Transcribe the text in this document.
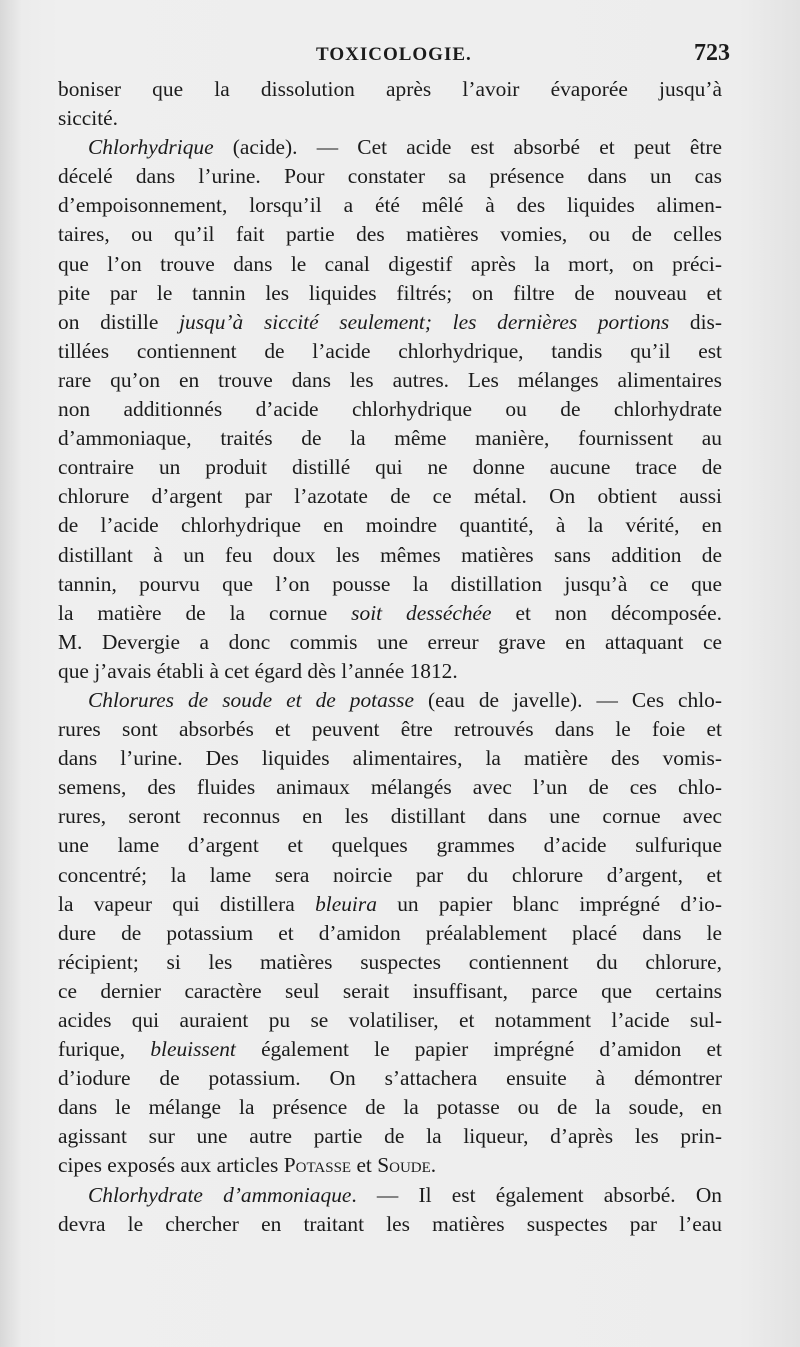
TOXICOLOGIE.	723
boniser que la dissolution après l’avoir évaporée jusqu’à
siccité.
Chlorhydrique (acide). — Cet acide est absorbé et peut être
décelé dans l’urine. Pour constater sa présence dans un cas
d’empoisonnement, lorsqu’il a été mêlé à des liquides alimen-
taires, ou qu’il fait partie des matières vomies, ou de celles
que l’on trouve dans le canal digestif après la mort, on préci-
pite par le tannin les liquides filtrés; on filtre de nouveau et
on distille jusqu’à siccité seulement; les dernières portions dis-
tillées contiennent de l’acide chlorhydrique, tandis qu’il est
rare qu’on en trouve dans les autres. Les mélanges alimentaires
non additionnés d’acide chlorhydrique ou de chlorhydrate
d’ammoniaque, traités de la même manière, fournissent au
contraire un produit distillé qui ne donne aucune trace de
chlorure d’argent par l’azotate de ce métal. On obtient aussi
de l’acide chlorhydrique en moindre quantité, à la vérité, en
distillant à un feu doux les mêmes matières sans addition de
tannin, pourvu que l’on pousse la distillation jusqu’à ce que
la matière de la cornue soit desséchée et non décomposée.
M. Devergie a donc commis une erreur grave en attaquant ce
que j’avais établi à cet égard dès l’année 1812.
Chlorures de soude et de potasse (eau de javelle). — Ces chlo-
rures sont absorbés et peuvent être retrouvés dans le foie et
dans l’urine. Des liquides alimentaires, la matière des vomis-
semens, des fluides animaux mélangés avec l’un de ces chlo-
rures, seront reconnus en les distillant dans une cornue avec
une lame d’argent et quelques grammes d’acide sulfurique
concentré; la lame sera noircie par du chlorure d’argent, et
la vapeur qui distillera bleuira un papier blanc imprégné d’io-
dure de potassium et d’amidon préalablement placé dans le
récipient; si les matières suspectes contiennent du chlorure,
ce dernier caractère seul serait insuffisant, parce que certains
acides qui auraient pu se volatiliser, et notamment l’acide sul-
furique, bleuissent également le papier imprégné d’amidon et
d’iodure de potassium. On s’attachera ensuite à démontrer
dans le mélange la présence de la potasse ou de la soude, en
agissant sur une autre partie de la liqueur, d’après les prin-
cipes exposés aux articles Potasse et Soude.
Chlorhydrate d’ammoniaque. — Il est également absorbé. On
devra le chercher en traitant les matières suspectes par l’eau
